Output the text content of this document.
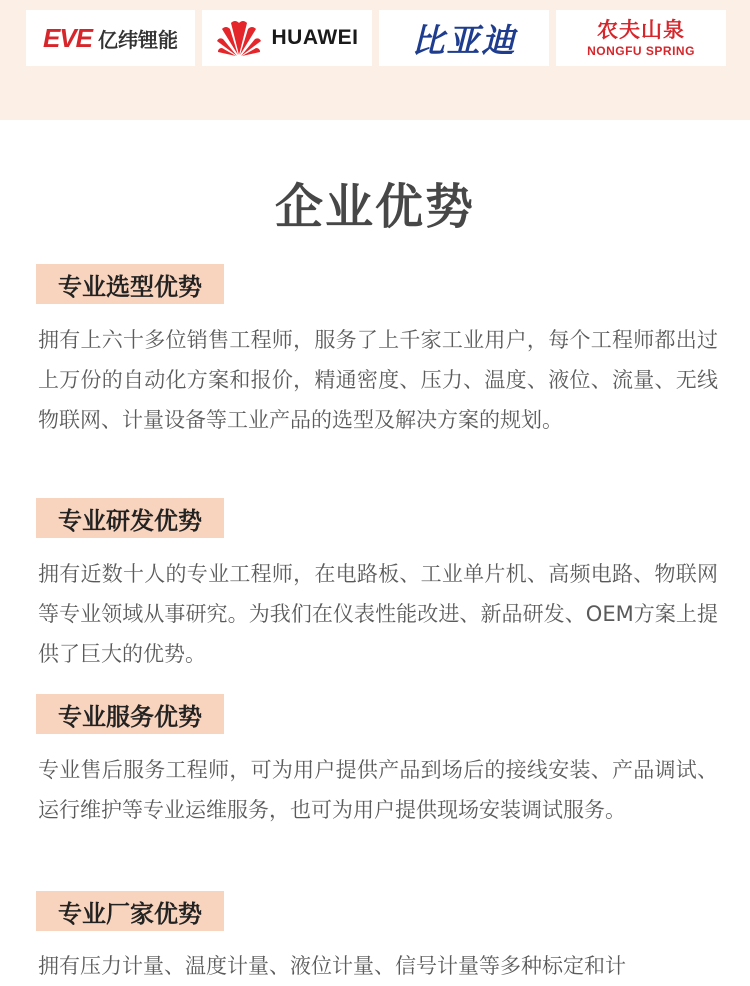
EVE 亿纬锂能	HUAWEI 比亚迪	农夫山泉
NONGFU SPRING
企业优势
专业选型优势
拥有上六十多位销售工程师，服务了上千家工业用户，每个工程师都出过上万份的自动化方案和报价，精通密度、压力、温度、液位、流量、无线物联网、计量设备等工业产品的选型及解决方案的规划。
专业研发优势
拥有近数十人的专业工程师，在电路板、工业单片机、高频电路、物联网等专业领域从事研究。为我们在仪表性能改进、新品研发、OEM方案上提供了巨大的优势。
专业服务优势
专业售后服务工程师，可为用户提供产品到场后的接线安装、产品调试、运行维护等专业运维服务，也可为用户提供现场安装调试服务。
专业厂家优势
拥有压力计量、温度计量、液位计量、信号计量等多种标定和计
